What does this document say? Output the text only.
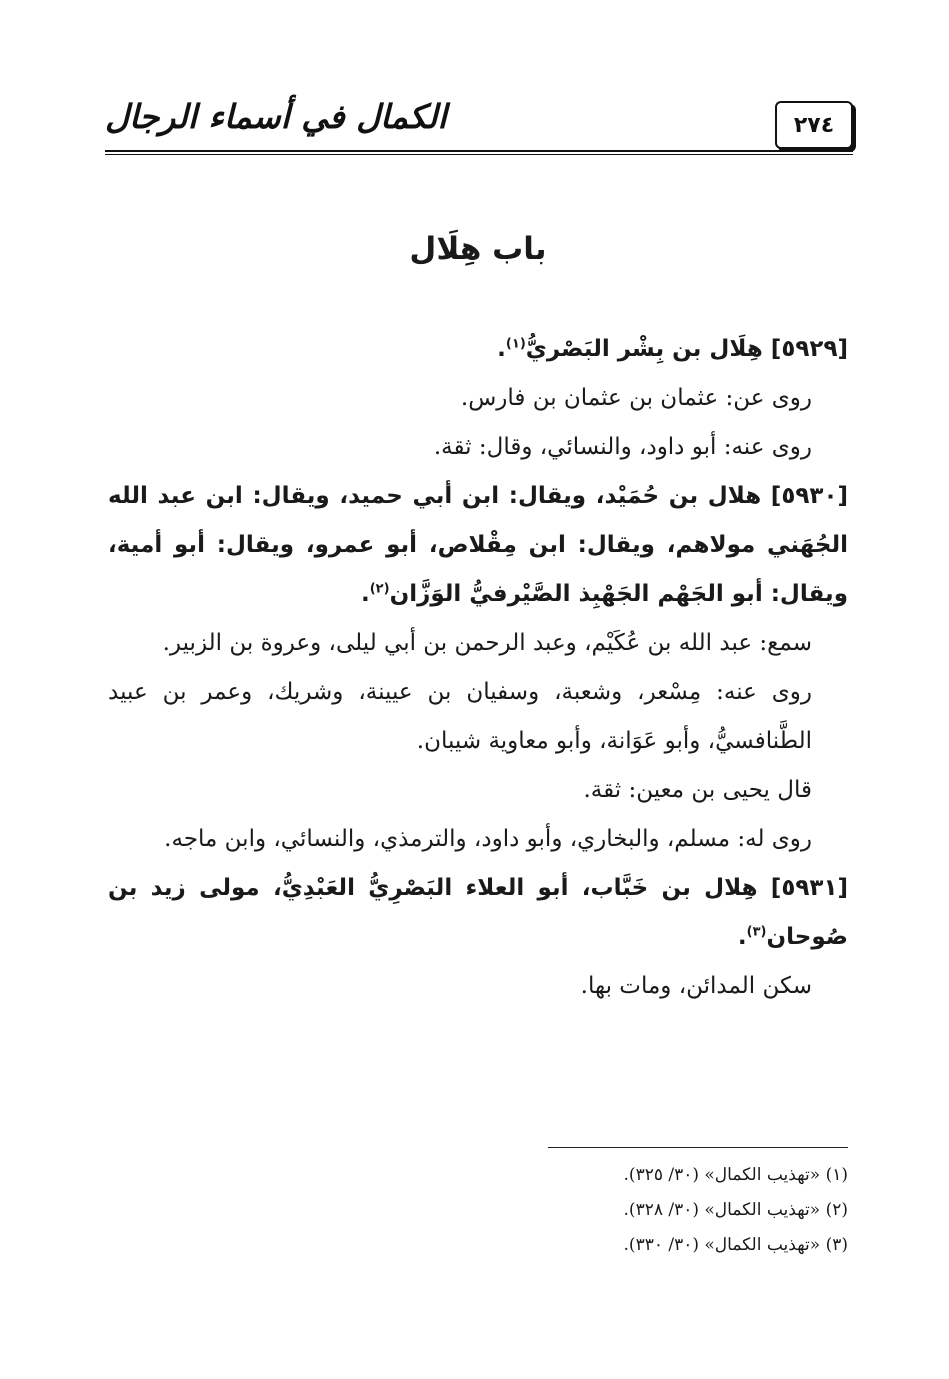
الكمال في أسماء الرجال	٢٧٤
باب هِلَال

[٥٩٢٩] هِلَال بن بِشْر البَصْريُّ$^{(١)}$.

روى عن: عثمان بن عثمان بن فارس.

روى عنه: أبو داود، والنسائي، وقال: ثقة.

[٥٩٣٠] هلال بن حُمَيْد، ويقال: ابن أبي حميد، ويقال: ابن عبد الله الجُهَني مولاهم، ويقال: ابن مِقْلاص، أبو عمرو، ويقال: أبو أمية، ويقال: أبو الجَهْم الجَهْبِذ الصَّيْرفيُّ الوَزَّان$^{(٢)}$.

سمع: عبد الله بن عُكَيْم، وعبد الرحمن بن أبي ليلى، وعروة بن الزبير.

روى عنه: مِسْعر، وشعبة، وسفيان بن عيينة، وشريك، وعمر بن عبيد الطَّنافسيُّ، وأبو عَوَانة، وأبو معاوية شيبان.

قال يحيى بن معين: ثقة.

روى له: مسلم، والبخاري، وأبو داود، والترمذي، والنسائي، وابن ماجه.

[٥٩٣١] هِلال بن خَبَّاب، أبو العلاء البَصْرِيُّ العَبْدِيُّ، مولى زيد بن صُوحان$^{(٣)}$.

سكن المدائن، ومات بها.

(١) «تهذيب الكمال» (٣٠/ ٣٢٥).

(٢) «تهذيب الكمال» (٣٠/ ٣٢٨).

(٣) «تهذيب الكمال» (٣٠/ ٣٣٠).
